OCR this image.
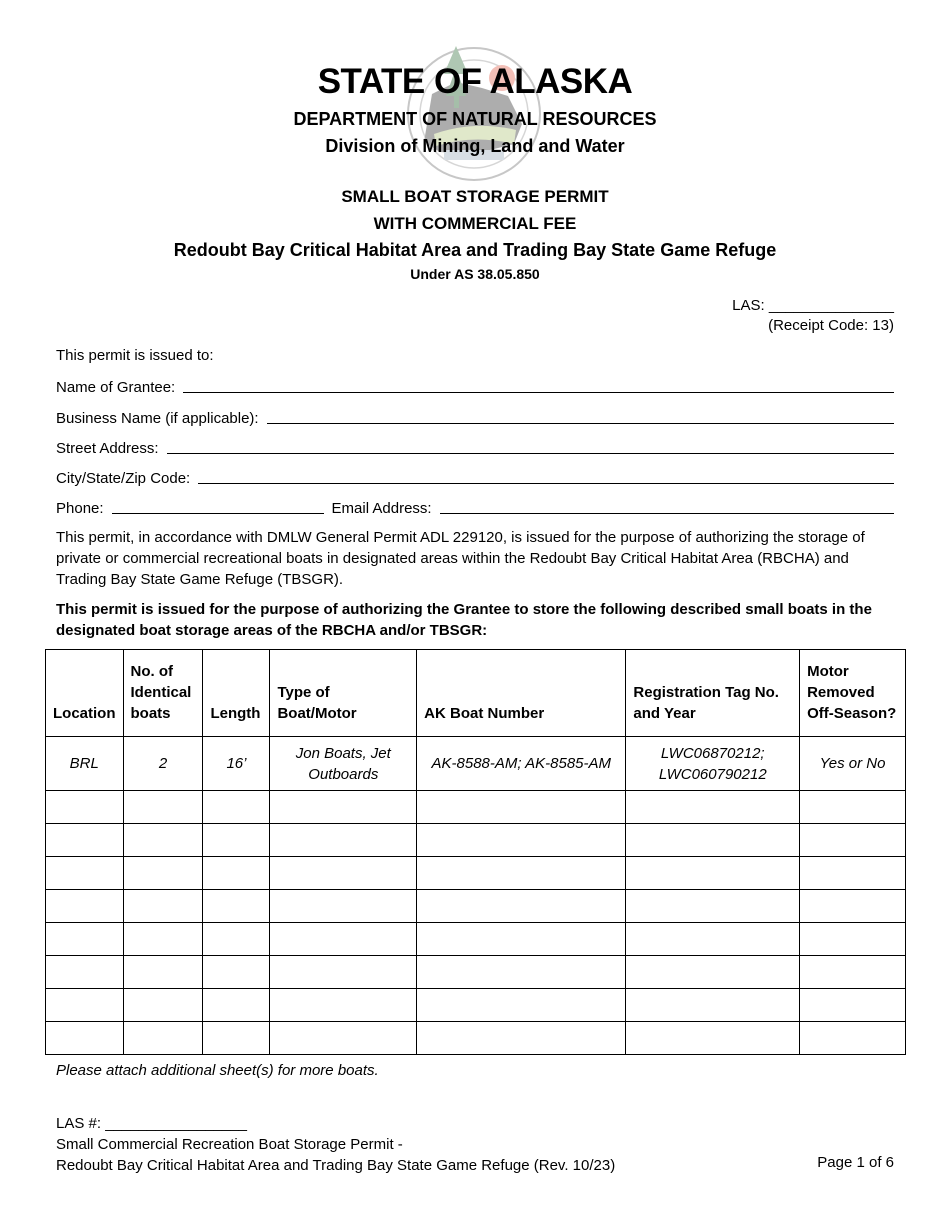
STATE OF ALASKA
DEPARTMENT OF NATURAL RESOURCES
Division of Mining, Land and Water
SMALL BOAT STORAGE PERMIT
WITH COMMERCIAL FEE
Redoubt Bay Critical Habitat Area and Trading Bay State Game Refuge
Under AS 38.05.850
LAS: _______________
(Receipt Code: 13)
This permit is issued to:
Name of Grantee:
Business Name (if applicable):
Street Address:
City/State/Zip Code:
Phone:	Email Address:

This permit, in accordance with DMLW General Permit ADL 229120, is issued for the purpose of authorizing the storage of private or commercial recreational boats in designated areas within the Redoubt Bay Critical Habitat Area (RBCHA) and Trading Bay State Game Refuge (TBSGR).

This permit is issued for the purpose of authorizing the Grantee to store the following described small boats in the designated boat storage areas of the RBCHA and/or TBSGR:

Location	No. of Identical boats	Length	Type of Boat/Motor	AK Boat Number	Registration Tag No. and Year	Motor Removed Off-Season?
BRL	2	16’	Jon Boats, Jet Outboards	AK-8588-AM; AK-8585-AM	LWC06870212; LWC060790212	Yes or No

Please attach additional sheet(s) for more boats.
LAS #: _________________
Small Commercial Recreation Boat Storage Permit -
Redoubt Bay Critical Habitat Area and Trading Bay State Game Refuge (Rev. 10/23)	Page 1 of 6
